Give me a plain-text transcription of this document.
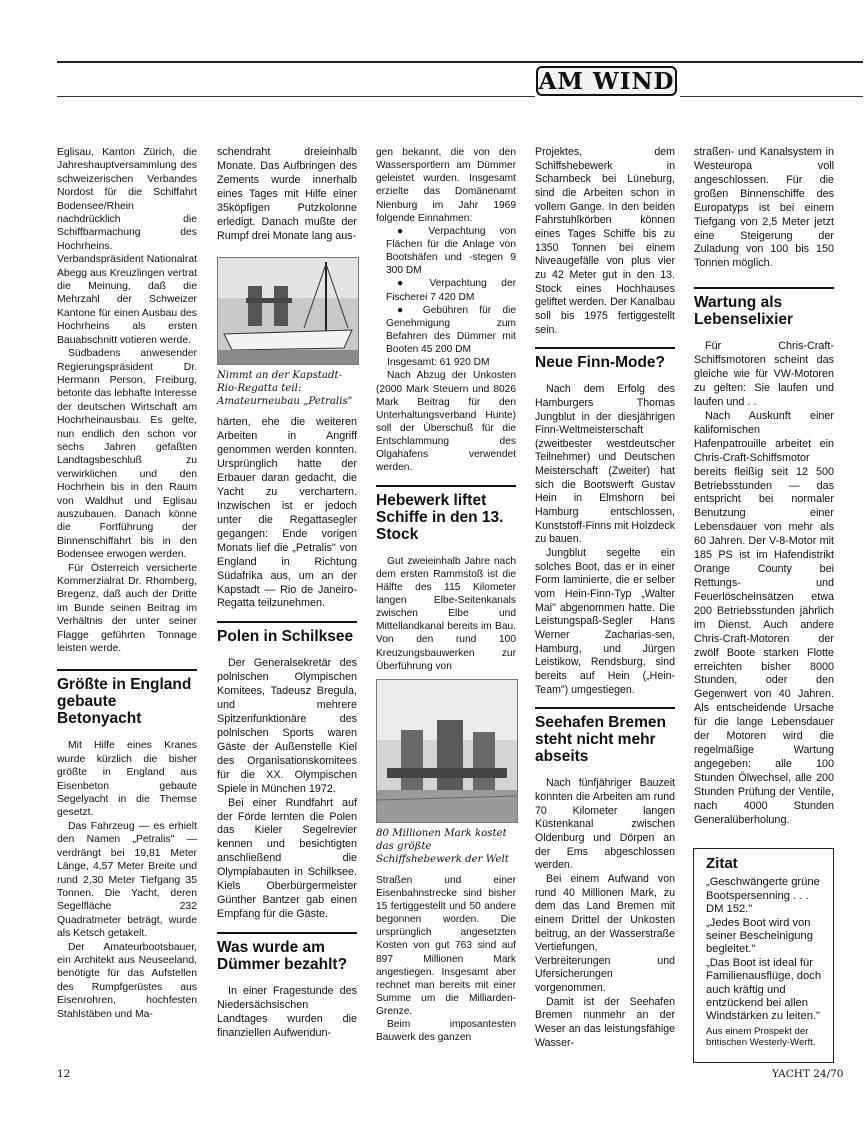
AM WIND

Eglisau, Kanton Zürich, die Jahreshauptversammlung des schweizerischen Verbandes Nordost für die Schiffahrt Bodensee/Rhein nachdrücklich die Schiffbarmachung des Hochrheins. Verbandspräsident Nationalrat Abegg aus Kreuzlingen vertrat die Meinung, daß die Mehrzahl der Schweizer Kantone für einen Ausbau des Hochrheins als ersten Bauabschnitt votieren werde.

Südbadens anwesender Regierungspräsident Dr. Hermann Person, Freiburg, betonte das lebhafte Interesse der deutschen Wirtschaft am Hochrheinausbau. Es gelte, nun endlich den schon vor sechs Jahren gefaßten Landtagsbeschluß zu verwirklichen und den Hochrhein bis in den Raum von Waldhut und Eglisau auszubauen. Danach könne die Fortführung der Binnenschiffahrt bis in den Bodensee erwogen werden.

Für Österreich versicherte Kommerzialrat Dr. Rhomberg, Bregenz, daß auch der Dritte im Bunde seinen Beitrag im Verhältnis der unter seiner Flagge geführten Tonnage leisten werde.

Größte in England gebaute Betonyacht

Mit Hilfe eines Kranes wurde kürzlich die bisher größte in England aus Eisenbeton gebaute Segelyacht in die Themse gesetzt.

Das Fahrzeug — es erhielt den Namen „Petralis" — verdrängt bei 19,81 Meter Länge, 4,57 Meter Breite und rund 2,30 Meter Tiefgang 35 Tonnen. Die Yacht, deren Segelfläche 232 Quadratmeter beträgt, wurde als Ketsch getakelt.

Der Amateurbootsbauer, ein Architekt aus Neuseeland, benötigte für das Aufstellen des Rumpfgerüstes aus Eisenrohren, hochfesten Stahlstäben und Ma-

schendraht dreieinhalb Monate. Das Aufbringen des Zements wurde innerhalb eines Tages mit Hilfe einer 35köpfigen Putzkolonne erledigt. Danach mußte der Rumpf drei Monate lang aus-

Nimmt an der Kapstadt-Rio-Regatta teil: Amateurneubau „Petralis"

härten, ehe die weiteren Arbeiten in Angriff genommen werden konnten. Ursprünglich hatte der Erbauer daran gedacht, die Yacht zu verchartern. Inzwischen ist er jedoch unter die Regattasegler gegangen: Ende vorigen Monats lief die „Petralis" von England in Richtung Südafrika aus, um an der Kapstadt — Rio de Janeiro-Regatta teilzunehmen.

Polen in Schilksee

Der Generalsekretär des polnischen Olympischen Komitees, Tadeusz Bregula, und mehrere Spitzenfunktionäre des polnischen Sports waren Gäste der Außenstelle Kiel des Organisationskomitees für die XX. Olympischen Spiele in München 1972.

Bei einer Rundfahrt auf der Förde lernten die Polen das Kieler Segelrevier kennen und besichtigten anschließend die Olympiabauten in Schilksee. Kiels Oberbürgermeister Günther Bantzer gab einen Empfang für die Gäste.

Was wurde am Dümmer bezahlt?

In einer Fragestunde des Niedersächsischen Landtages wurden die finanziellen Aufwendun-

gen bekannt, die von den Wassersportlern am Dümmer geleistet wurden. Insgesamt erzielte das Domänenamt Nienburg im Jahr 1969 folgende Einnahmen:

● Verpachtung von Flächen für die Anlage von Bootshäfen und -stegen 9 300 DM

● Verpachtung der Fischerei 7 420 DM

● Gebühren für die Genehmigung zum Befahren des Dümmer mit Booten 45 200 DM

Insgesamt: 61 920 DM

Nach Abzug der Unkosten (2000 Mark Steuern und 8026 Mark Beitrag für den Unterhaltungsverband Hunte) soll der Überschuß für die Entschlammung des Olgahafens verwendet werden.

Hebewerk liftet Schiffe in den 13. Stock

Gut zweieinhalb Jahre nach dem ersten Rammstoß ist die Hälfte des 115 Kilometer langen Elbe-Seitenkanals zwischen Elbe und Mittellandkanal bereits im Bau. Von den rund 100 Kreuzungsbauwerken zur Überführung von

80 Millionen Mark kostet das größte Schiffshebewerk der Welt

Straßen und einer Eisenbahnstrecke sind bisher 15 fertiggestellt und 50 andere begonnen worden. Die ursprünglich angesetzten Kosten von gut 763 sind auf 897 Millionen Mark angestiegen. Insgesamt aber rechnet man bereits mit einer Summe um die Milliarden-Grenze.

Beim imposantesten Bauwerk des ganzen

Projektes, dem Schiffshebewerk in Scharnbeck bei Lüneburg, sind die Arbeiten schon in vollem Gange. In den beiden Fahrstuhlkörben können eines Tages Schiffe bis zu 1350 Tonnen bei einem Niveaugefälle von plus vier zu 42 Meter gut in den 13. Stock eines Hochhauses geliftet werden. Der Kanalbau soll bis 1975 fertiggestellt sein.

Neue Finn-Mode?

Nach dem Erfolg des Hamburgers Thomas Jungblut in der diesjährigen Finn-Weltmeisterschaft (zweitbester westdeutscher Teilnehmer) und Deutschen Meisterschaft (Zweiter) hat sich die Bootswerft Gustav Hein in Elmshorn bei Hamburg entschlossen, Kunststoff-Finns mit Holzdeck zu bauen.

Jungblut segelte ein solches Boot, das er in einer Form laminierte, die er selber vom Hein-Finn-Typ „Walter Mai" abgenommen hatte. Die Leistungspaß-Segler Hans Werner Zacharias-sen, Hamburg, und Jürgen Leistikow, Rendsburg, sind bereits auf Hein („Hein-Team") umgestiegen.

Seehafen Bremen steht nicht mehr abseits

Nach fünfjähriger Bauzeit konnten die Arbeiten am rund 70 Kilometer langen Küstenkanal zwischen Oldenburg und Dörpen an der Ems abgeschlossen werden.

Bei einem Aufwand von rund 40 Millionen Mark, zu dem das Land Bremen mit einem Drittel der Unkosten beitrug, an der Wasserstraße Vertiefungen, Verbreiterungen und Ufersicherungen vorgenommen.

Damit ist der Seehafen Bremen nunmehr an der Weser an das leistungsfähige Wasser-

straßen- und Kanalsystem in Westeuropa voll angeschlossen. Für die großen Binnenschiffe des Europatyps ist bei einem Tiefgang von 2,5 Meter jetzt eine Steigerung der Zuladung von 100 bis 150 Tonnen möglich.

Wartung als Lebenselixier

Für Chris-Craft-Schiffsmotoren scheint das gleiche wie für VW-Motoren zu gelten: Sie laufen und laufen und . .

Nach Auskunft einer kalifornischen Hafenpatrouille arbeitet ein Chris-Craft-Schiffsmotor bereits fleißig seit 12 500 Betriebsstunden — das entspricht bei normaler Benutzung einer Lebensdauer von mehr als 60 Jahren. Der V-8-Motor mit 185 PS ist im Hafendistrikt Orange County bei Rettungs- und Feuerlöscheinsätzen etwa 200 Betriebsstunden jährlich im Dienst. Auch andere Chris-Craft-Motoren der zwölf Boote starken Flotte erreichten bisher 8000 Stunden, oder den Gegenwert von 40 Jahren. Als entscheidende Ursache für die lange Lebensdauer der Motoren wird die regelmäßige Wartung angegeben: alle 100 Stunden Ölwechsel, alle 200 Stunden Prüfung der Ventile, nach 4000 Stunden Generalüberholung.

Zitat
„Geschwängerte grüne Bootspersenning . . . DM 152."
„Jedes Boot wird von seiner Bescheinigung begleitet."
„Das Boot ist ideal für Familienausflüge, doch auch kräftig und entzückend bei allen Windstärken zu leiten."
Aus einem Prospekt der britischen Westerly-Werft.
12	YACHT 24/70
